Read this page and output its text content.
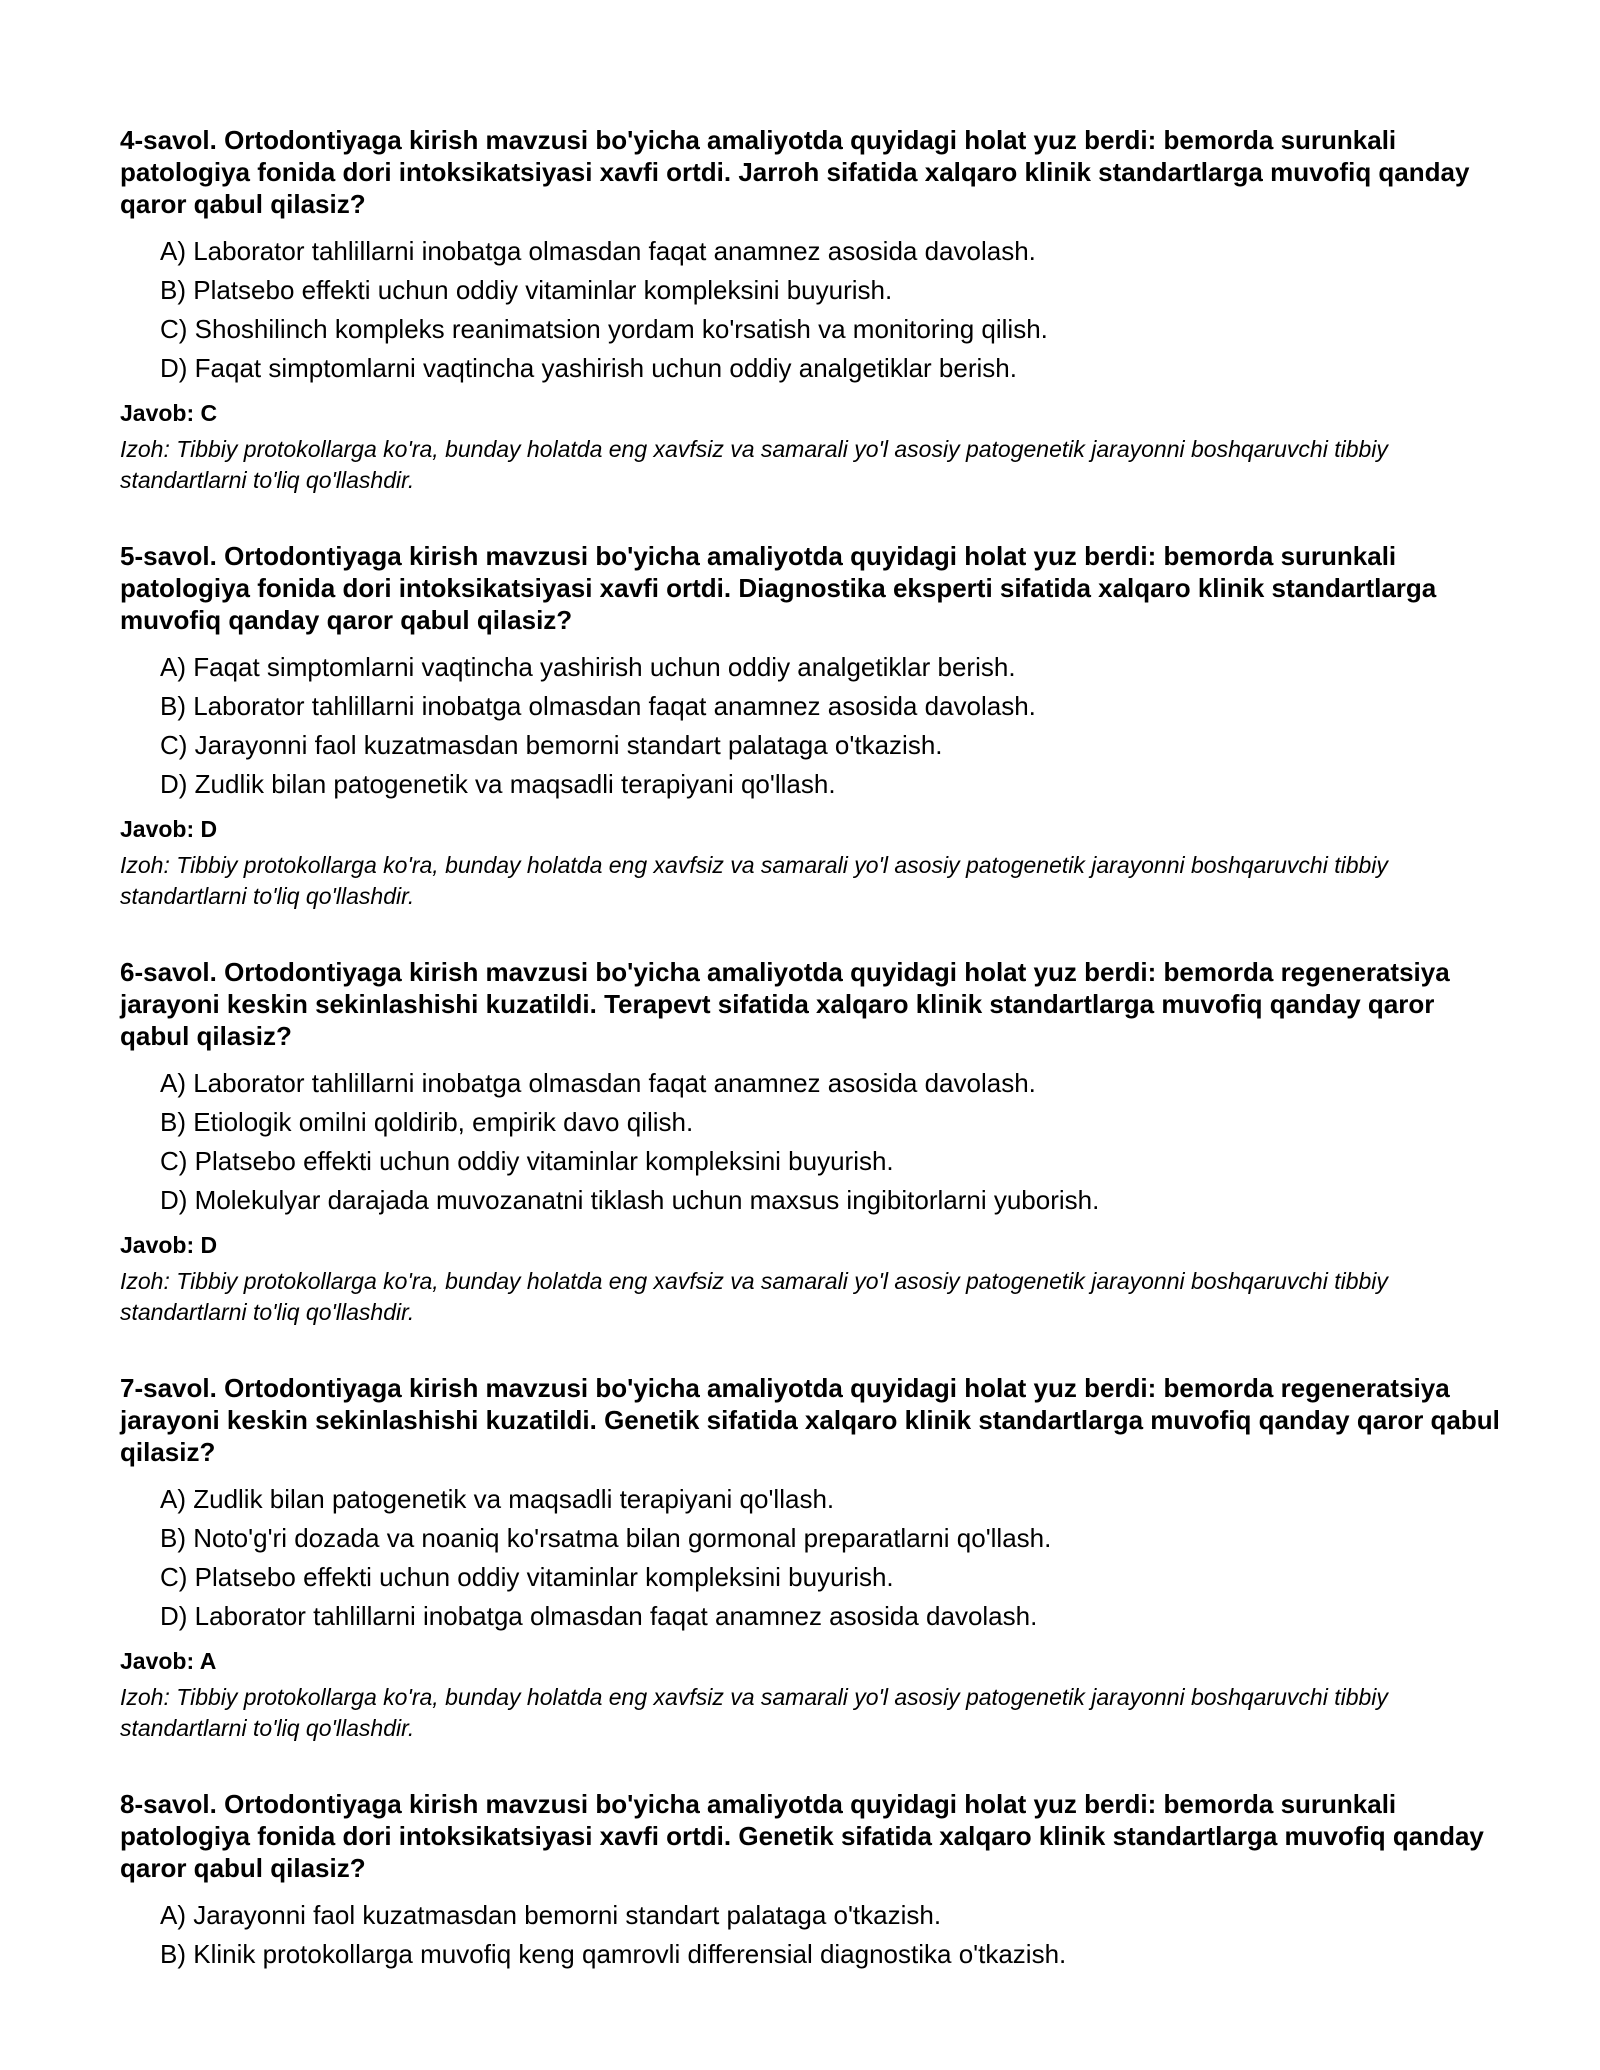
4-savol. Ortodontiyaga kirish mavzusi bo'yicha amaliyotda quyidagi holat yuz berdi: bemorda surunkali patologiya fonida dori intoksikatsiyasi xavfi ortdi. Jarroh sifatida xalqaro klinik standartlarga muvofiq qanday qaror qabul qilasiz?

A) Laborator tahlillarni inobatga olmasdan faqat anamnez asosida davolash.
B) Platsebo effekti uchun oddiy vitaminlar kompleksini buyurish.
C) Shoshilinch kompleks reanimatsion yordam ko'rsatish va monitoring qilish.
D) Faqat simptomlarni vaqtincha yashirish uchun oddiy analgetiklar berish.

Javob: C

Izoh: Tibbiy protokollarga ko'ra, bunday holatda eng xavfsiz va samarali yo'l asosiy patogenetik jarayonni boshqaruvchi tibbiy standartlarni to'liq qo'llashdir.

5-savol. Ortodontiyaga kirish mavzusi bo'yicha amaliyotda quyidagi holat yuz berdi: bemorda surunkali patologiya fonida dori intoksikatsiyasi xavfi ortdi. Diagnostika eksperti sifatida xalqaro klinik standartlarga muvofiq qanday qaror qabul qilasiz?

A) Faqat simptomlarni vaqtincha yashirish uchun oddiy analgetiklar berish.
B) Laborator tahlillarni inobatga olmasdan faqat anamnez asosida davolash.
C) Jarayonni faol kuzatmasdan bemorni standart palataga o'tkazish.
D) Zudlik bilan patogenetik va maqsadli terapiyani qo'llash.

Javob: D

Izoh: Tibbiy protokollarga ko'ra, bunday holatda eng xavfsiz va samarali yo'l asosiy patogenetik jarayonni boshqaruvchi tibbiy standartlarni to'liq qo'llashdir.

6-savol. Ortodontiyaga kirish mavzusi bo'yicha amaliyotda quyidagi holat yuz berdi: bemorda regeneratsiya jarayoni keskin sekinlashishi kuzatildi. Terapevt sifatida xalqaro klinik standartlarga muvofiq qanday qaror qabul qilasiz?

A) Laborator tahlillarni inobatga olmasdan faqat anamnez asosida davolash.
B) Etiologik omilni qoldirib, empirik davo qilish.
C) Platsebo effekti uchun oddiy vitaminlar kompleksini buyurish.
D) Molekulyar darajada muvozanatni tiklash uchun maxsus ingibitorlarni yuborish.

Javob: D

Izoh: Tibbiy protokollarga ko'ra, bunday holatda eng xavfsiz va samarali yo'l asosiy patogenetik jarayonni boshqaruvchi tibbiy standartlarni to'liq qo'llashdir.

7-savol. Ortodontiyaga kirish mavzusi bo'yicha amaliyotda quyidagi holat yuz berdi: bemorda regeneratsiya jarayoni keskin sekinlashishi kuzatildi. Genetik sifatida xalqaro klinik standartlarga muvofiq qanday qaror qabul qilasiz?

A) Zudlik bilan patogenetik va maqsadli terapiyani qo'llash.
B) Noto'g'ri dozada va noaniq ko'rsatma bilan gormonal preparatlarni qo'llash.
C) Platsebo effekti uchun oddiy vitaminlar kompleksini buyurish.
D) Laborator tahlillarni inobatga olmasdan faqat anamnez asosida davolash.

Javob: A

Izoh: Tibbiy protokollarga ko'ra, bunday holatda eng xavfsiz va samarali yo'l asosiy patogenetik jarayonni boshqaruvchi tibbiy standartlarni to'liq qo'llashdir.

8-savol. Ortodontiyaga kirish mavzusi bo'yicha amaliyotda quyidagi holat yuz berdi: bemorda surunkali patologiya fonida dori intoksikatsiyasi xavfi ortdi. Genetik sifatida xalqaro klinik standartlarga muvofiq qanday qaror qabul qilasiz?

A) Jarayonni faol kuzatmasdan bemorni standart palataga o'tkazish.
B) Klinik protokollarga muvofiq keng qamrovli differensial diagnostika o'tkazish.
